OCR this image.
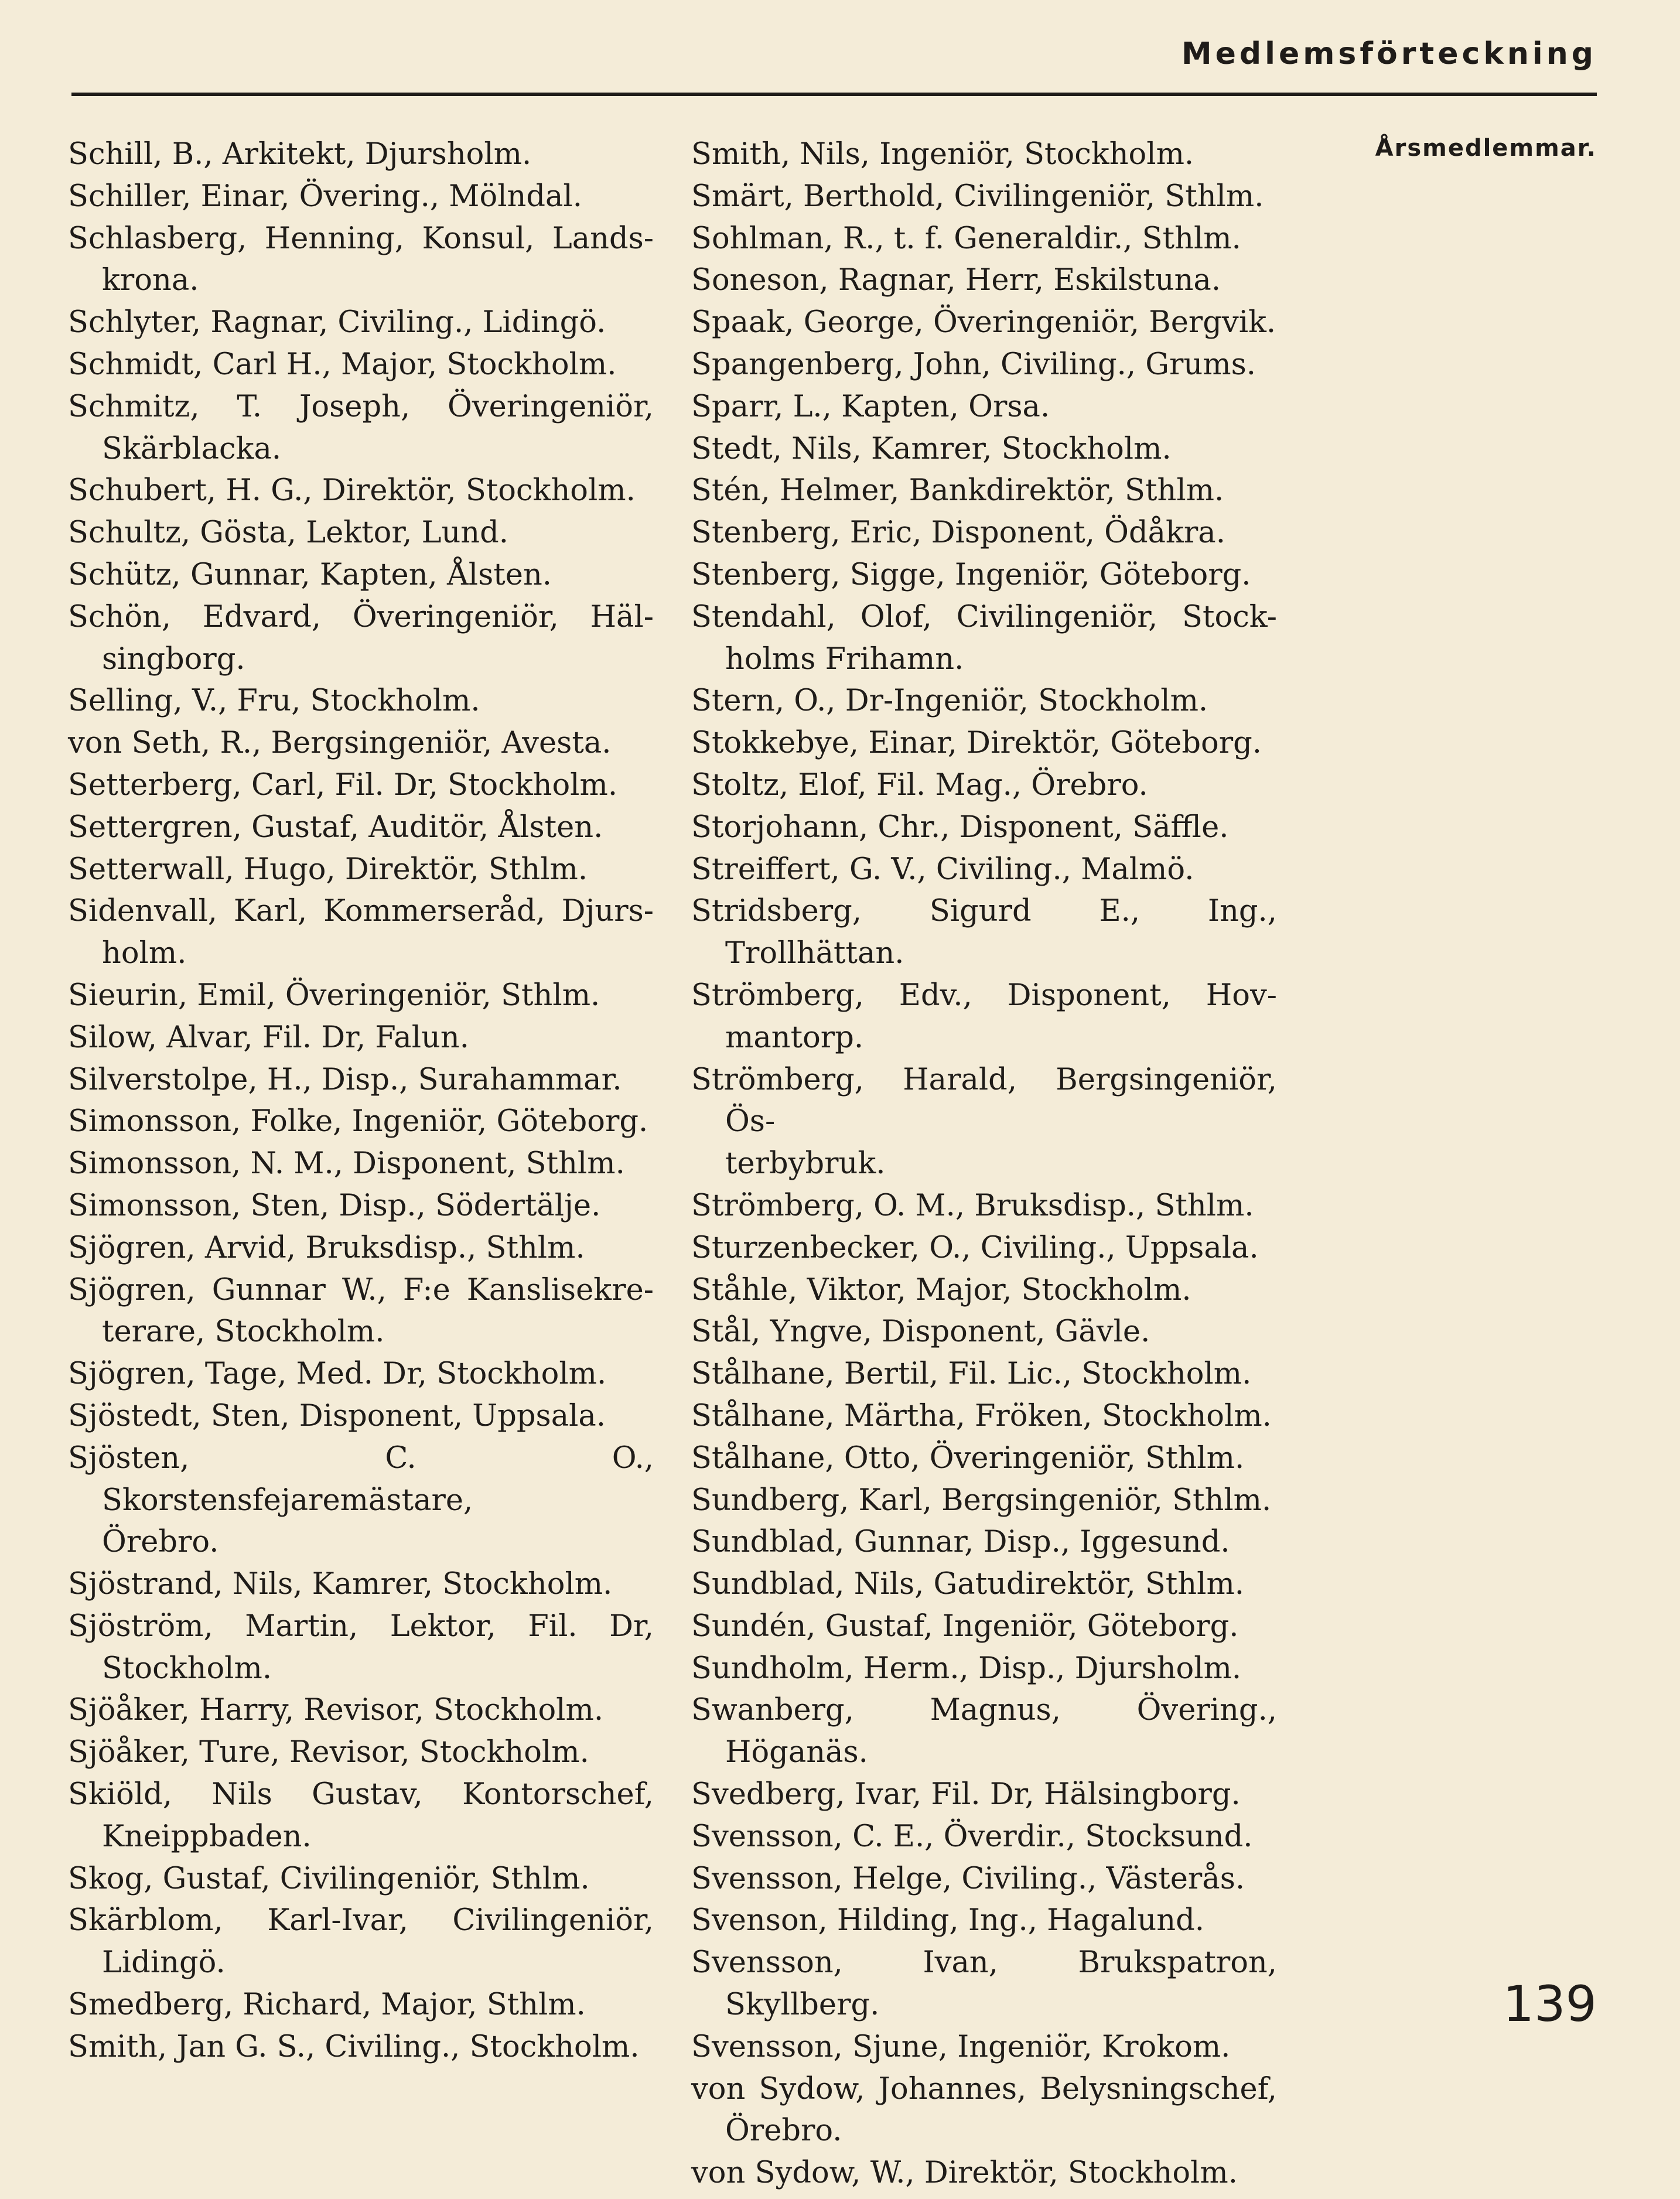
Medlemsförteckning
Schill, B., Arkitekt, Djursholm.
Schiller, Einar, Övering., Mölndal.
Schlasberg, Henning, Konsul, Lands-
krona.
Schlyter, Ragnar, Civiling., Lidingö.
Schmidt, Carl H., Major, Stockholm.
Schmitz, T. Joseph, Överingeniör,
Skärblacka.
Schubert, H. G., Direktör, Stockholm.
Schultz, Gösta, Lektor, Lund.
Schütz, Gunnar, Kapten, Ålsten.
Schön, Edvard, Överingeniör, Häl-
singborg.
Selling, V., Fru, Stockholm.
von Seth, R., Bergsingeniör, Avesta.
Setterberg, Carl, Fil. Dr, Stockholm.
Settergren, Gustaf, Auditör, Ålsten.
Setterwall, Hugo, Direktör, Sthlm.
Sidenvall, Karl, Kommerseråd, Djurs-
holm.
Sieurin, Emil, Överingeniör, Sthlm.
Silow, Alvar, Fil. Dr, Falun.
Silverstolpe, H., Disp., Surahammar.
Simonsson, Folke, Ingeniör, Göteborg.
Simonsson, N. M., Disponent, Sthlm.
Simonsson, Sten, Disp., Södertälje.
Sjögren, Arvid, Bruksdisp., Sthlm.
Sjögren, Gunnar W., F:e Kanslisekre-
terare, Stockholm.
Sjögren, Tage, Med. Dr, Stockholm.
Sjöstedt, Sten, Disponent, Uppsala.
Sjösten, C. O., Skorstensfejaremästare,
Örebro.
Sjöstrand, Nils, Kamrer, Stockholm.
Sjöström, Martin, Lektor, Fil. Dr,
Stockholm.
Sjöåker, Harry, Revisor, Stockholm.
Sjöåker, Ture, Revisor, Stockholm.
Skiöld, Nils Gustav, Kontorschef,
Kneippbaden.
Skog, Gustaf, Civilingeniör, Sthlm.
Skärblom, Karl-Ivar, Civilingeniör,
Lidingö.
Smedberg, Richard, Major, Sthlm.
Smith, Jan G. S., Civiling., Stockholm.
Smith, Nils, Ingeniör, Stockholm.
Smärt, Berthold, Civilingeniör, Sthlm.
Sohlman, R., t. f. Generaldir., Sthlm.
Soneson, Ragnar, Herr, Eskilstuna.
Spaak, George, Överingeniör, Bergvik.
Spangenberg, John, Civiling., Grums.
Sparr, L., Kapten, Orsa.
Stedt, Nils, Kamrer, Stockholm.
Stén, Helmer, Bankdirektör, Sthlm.
Stenberg, Eric, Disponent, Ödåkra.
Stenberg, Sigge, Ingeniör, Göteborg.
Stendahl, Olof, Civilingeniör, Stock-
holms Frihamn.
Stern, O., Dr-Ingeniör, Stockholm.
Stokkebye, Einar, Direktör, Göteborg.
Stoltz, Elof, Fil. Mag., Örebro.
Storjohann, Chr., Disponent, Säffle.
Streiffert, G. V., Civiling., Malmö.
Stridsberg, Sigurd E., Ing., Trollhättan.
Strömberg, Edv., Disponent, Hov-
mantorp.
Strömberg, Harald, Bergsingeniör, Ös-
terbybruk.
Strömberg, O. M., Bruksdisp., Sthlm.
Sturzenbecker, O., Civiling., Uppsala.
Ståhle, Viktor, Major, Stockholm.
Stål, Yngve, Disponent, Gävle.
Stålhane, Bertil, Fil. Lic., Stockholm.
Stålhane, Märtha, Fröken, Stockholm.
Stålhane, Otto, Överingeniör, Sthlm.
Sundberg, Karl, Bergsingeniör, Sthlm.
Sundblad, Gunnar, Disp., Iggesund.
Sundblad, Nils, Gatudirektör, Sthlm.
Sundén, Gustaf, Ingeniör, Göteborg.
Sundholm, Herm., Disp., Djursholm.
Swanberg, Magnus, Övering., Höganäs.
Svedberg, Ivar, Fil. Dr, Hälsingborg.
Svensson, C. E., Överdir., Stocksund.
Svensson, Helge, Civiling., Västerås.
Svenson, Hilding, Ing., Hagalund.
Svensson, Ivan, Brukspatron, Skyllberg.
Svensson, Sjune, Ingeniör, Krokom.
von Sydow, Johannes, Belysningschef,
Örebro.
von Sydow, W., Direktör, Stockholm.
Årsmedlemmar.
139
